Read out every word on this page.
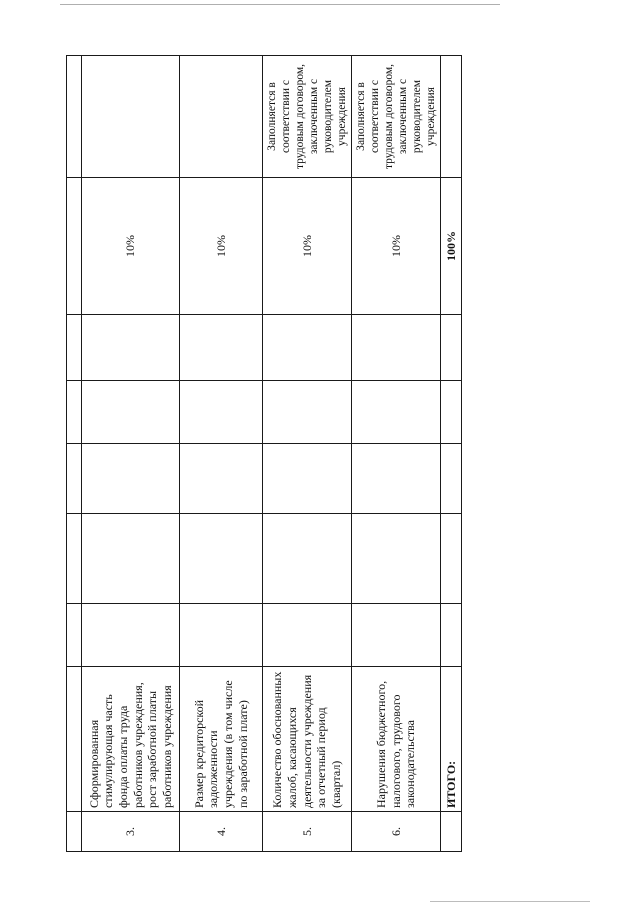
3.	Сформированная стимулирующая часть фонда оплаты труда работников учреждения, рост заработной платы работников учреждения						10%	
4.	Размер кредиторской задолженности учреждения (в том числе по заработной плате)						10%	
5.	Количество обоснованных жалоб, касающихся деятельности учреждения за отчетный период (квартал)						10%	Заполняется в соответствии с трудовым договором, заключенным с руководителем учреждения
6.	Нарушения бюджетного, налогового, трудового законодательства						10%	Заполняется в соответствии с трудовым договором, заключенным с руководителем учреждения
	ИТОГО:						100%	
